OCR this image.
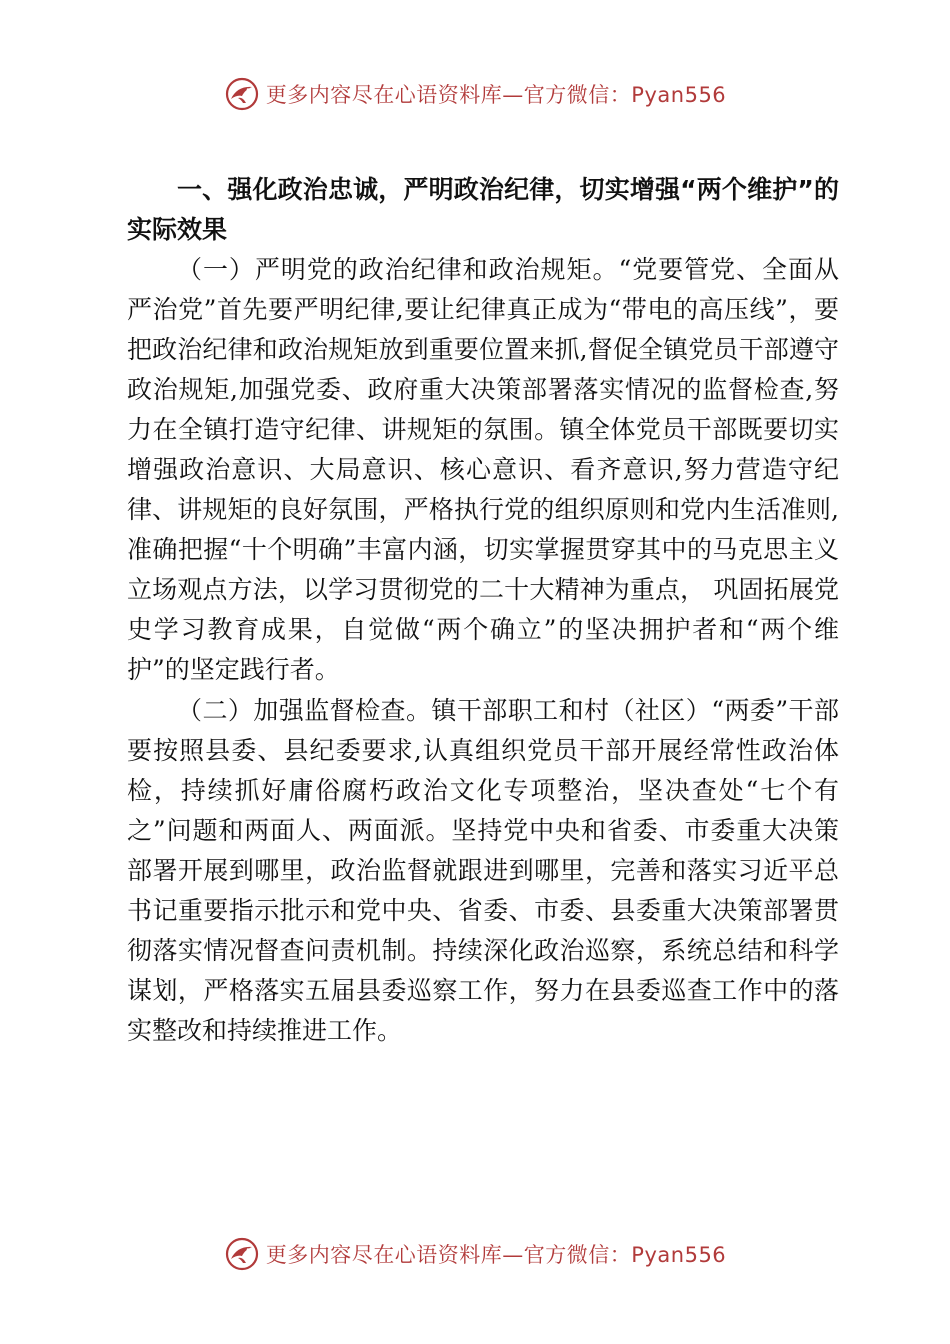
更多内容尽在心语资料库—官方微信：Pyan556

一、强化政治忠诚，严明政治纪律，切实增强“两个维护”的实际效果

（一）严明党的政治纪律和政治规矩。“党要管党、全面从严治党”首先要严明纪律,要让纪律真正成为“带电的高压线”，要把政治纪律和政治规矩放到重要位置来抓,督促全镇党员干部遵守政治规矩,加强党委、政府重大决策部署落实情况的监督检查,努力在全镇打造守纪律、讲规矩的氛围。镇全体党员干部既要切实增强政治意识、大局意识、核心意识、看齐意识,努力营造守纪律、讲规矩的良好氛围，严格执行党的组织原则和党内生活准则,准确把握“十个明确”丰富内涵，切实掌握贯穿其中的马克思主义立场观点方法，以学习贯彻党的二十大精神为重点， 巩固拓展党史学习教育成果，自觉做“两个确立”的坚决拥护者和“两个维护”的坚定践行者。

（二）加强监督检查。镇干部职工和村（社区）“两委”干部要按照县委、县纪委要求,认真组织党员干部开展经常性政治体检，持续抓好庸俗腐朽政治文化专项整治，坚决查处“七个有之”问题和两面人、两面派。坚持党中央和省委、市委重大决策部署开展到哪里，政治监督就跟进到哪里，完善和落实习近平总书记重要指示批示和党中央、省委、市委、县委重大决策部署贯彻落实情况督查问责机制。持续深化政治巡察，系统总结和科学谋划，严格落实五届县委巡察工作，努力在县委巡查工作中的落实整改和持续推进工作。

更多内容尽在心语资料库—官方微信：Pyan556
